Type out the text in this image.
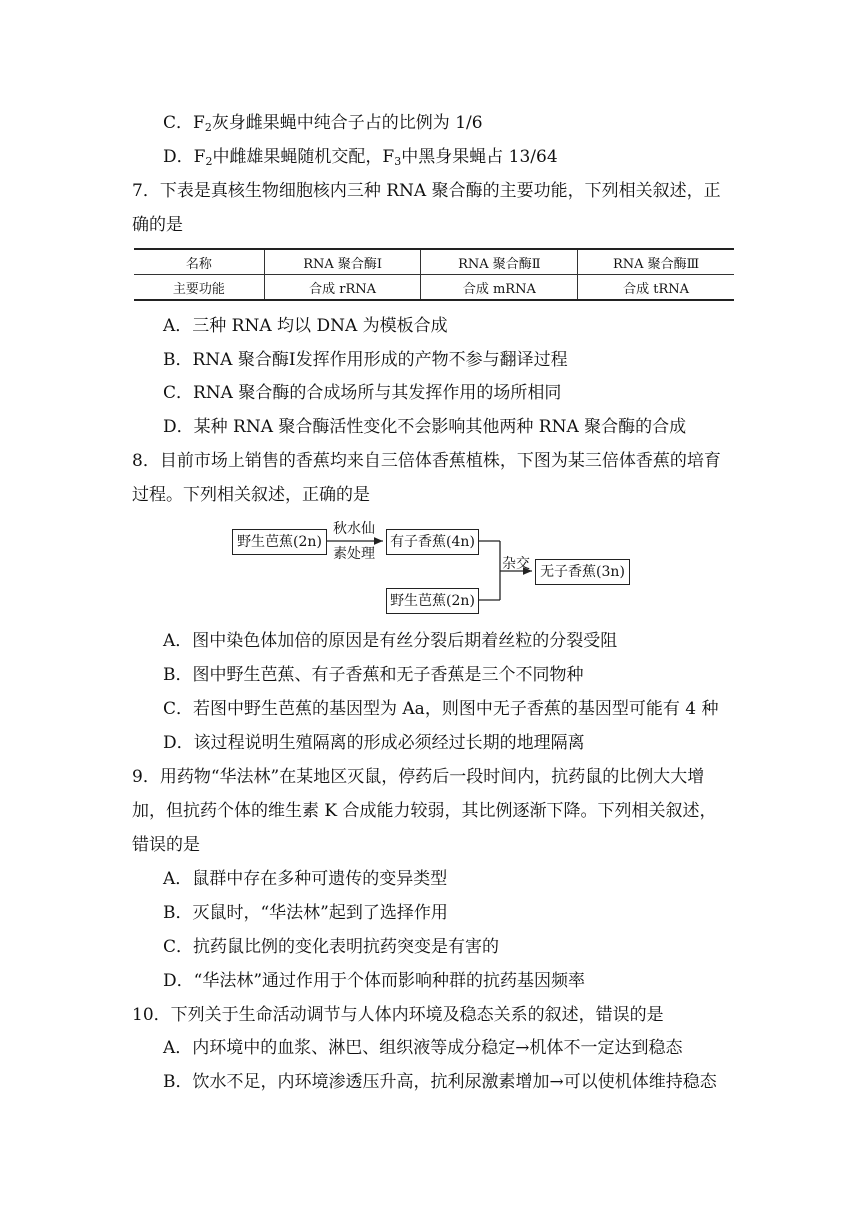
C．$F_2$灰身雌果蝇中纯合子占的比例为 1/6
D．$F_2$中雌雄果蝇随机交配，$F_3$中黑身果蝇占 13/64
7．下表是真核生物细胞核内三种 RNA 聚合酶的主要功能，下列相关叙述，正
确的是
名称	RNA 聚合酶Ⅰ	RNA 聚合酶Ⅱ	RNA 聚合酶Ⅲ
主要功能	合成 rRNA	合成 mRNA	合成 tRNA
A．三种 RNA 均以 DNA 为模板合成
B．RNA 聚合酶Ⅰ发挥作用形成的产物不参与翻译过程
C．RNA 聚合酶的合成场所与其发挥作用的场所相同
D．某种 RNA 聚合酶活性变化不会影响其他两种 RNA 聚合酶的合成
8．目前市场上销售的香蕉均来自三倍体香蕉植株，下图为某三倍体香蕉的培育
过程。下列相关叙述，正确的是
野生芭蕉(2n)
秋水仙
素处理
有子香蕉(4n)
杂交 无子香蕉(3n)
野生芭蕉(2n)
A．图中染色体加倍的原因是有丝分裂后期着丝粒的分裂受阻
B．图中野生芭蕉、有子香蕉和无子香蕉是三个不同物种
C．若图中野生芭蕉的基因型为 Aa，则图中无子香蕉的基因型可能有 4 种
D．该过程说明生殖隔离的形成必须经过长期的地理隔离
9．用药物“华法林”在某地区灭鼠，停药后一段时间内，抗药鼠的比例大大增
加，但抗药个体的维生素 K 合成能力较弱，其比例逐渐下降。下列相关叙述，
错误的是
A．鼠群中存在多种可遗传的变异类型
B．灭鼠时，“华法林”起到了选择作用
C．抗药鼠比例的变化表明抗药突变是有害的
D．“华法林”通过作用于个体而影响种群的抗药基因频率
10．下列关于生命活动调节与人体内环境及稳态关系的叙述，错误的是
A．内环境中的血浆、淋巴、组织液等成分稳定→机体不一定达到稳态
B．饮水不足，内环境渗透压升高，抗利尿激素增加→可以使机体维持稳态
